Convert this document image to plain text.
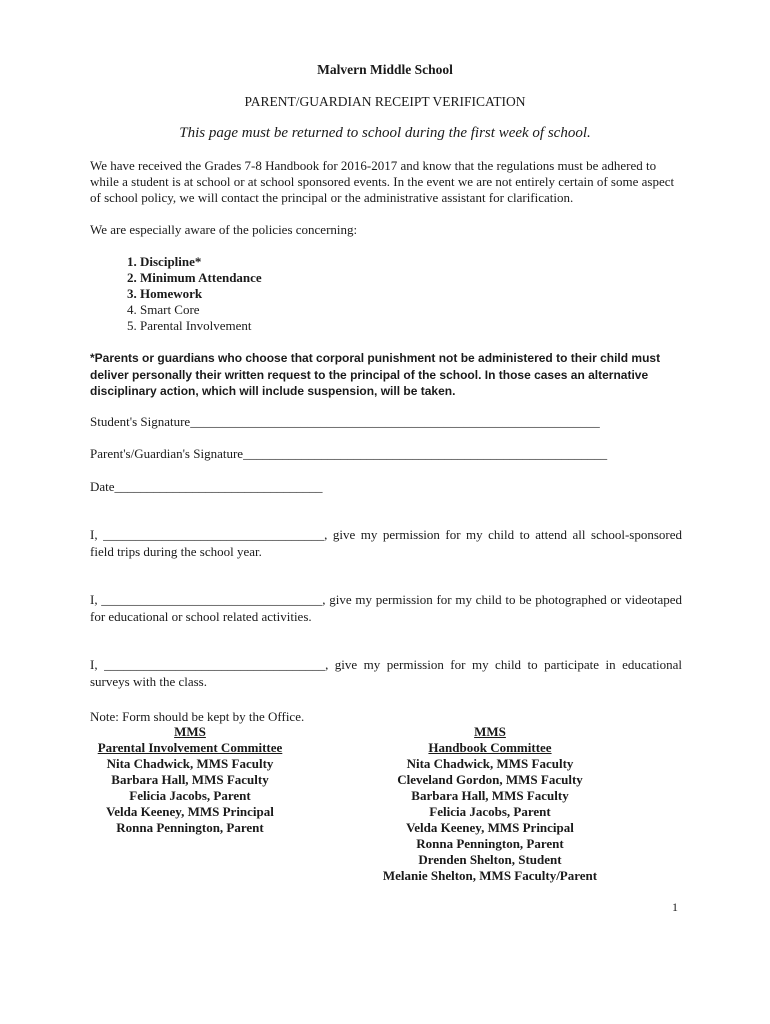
Malvern Middle School
PARENT/GUARDIAN RECEIPT VERIFICATION
This page must be returned to school during the first week of school.
We have received the Grades 7-8 Handbook for 2016-2017 and know that the regulations must be adhered to while a student is at school or at school sponsored events. In the event we are not entirely certain of some aspect of school policy, we will contact the principal or the administrative assistant for clarification.
We are especially aware of the policies concerning:
1. Discipline*
2. Minimum Attendance
3. Homework
4. Smart Core
5. Parental Involvement
*Parents or guardians who choose that corporal punishment not be administered to their child must deliver personally their written request to the principal of the school. In those cases an alternative disciplinary action, which will include suspension, will be taken.
Student's Signature_______________________________________________________________
Parent's/Guardian's Signature________________________________________________________
Date________________________________
I, __________________________________, give my permission for my child to attend all school-sponsored field trips during the school year.
I, __________________________________, give my permission for my child to be photographed or videotaped for educational or school related activities.
I, __________________________________, give my permission for my child to participate in educational surveys with the class.
Note: Form should be kept by the Office.
MMS
Parental Involvement Committee
Nita Chadwick, MMS Faculty
Barbara Hall, MMS Faculty
Felicia Jacobs, Parent
Velda Keeney, MMS Principal
Ronna Pennington, Parent
MMS
Handbook Committee
Nita Chadwick, MMS Faculty
Cleveland Gordon, MMS Faculty
Barbara Hall, MMS Faculty
Felicia Jacobs, Parent
Velda Keeney, MMS Principal
Ronna Pennington, Parent
Drenden Shelton, Student
Melanie Shelton, MMS Faculty/Parent
1
